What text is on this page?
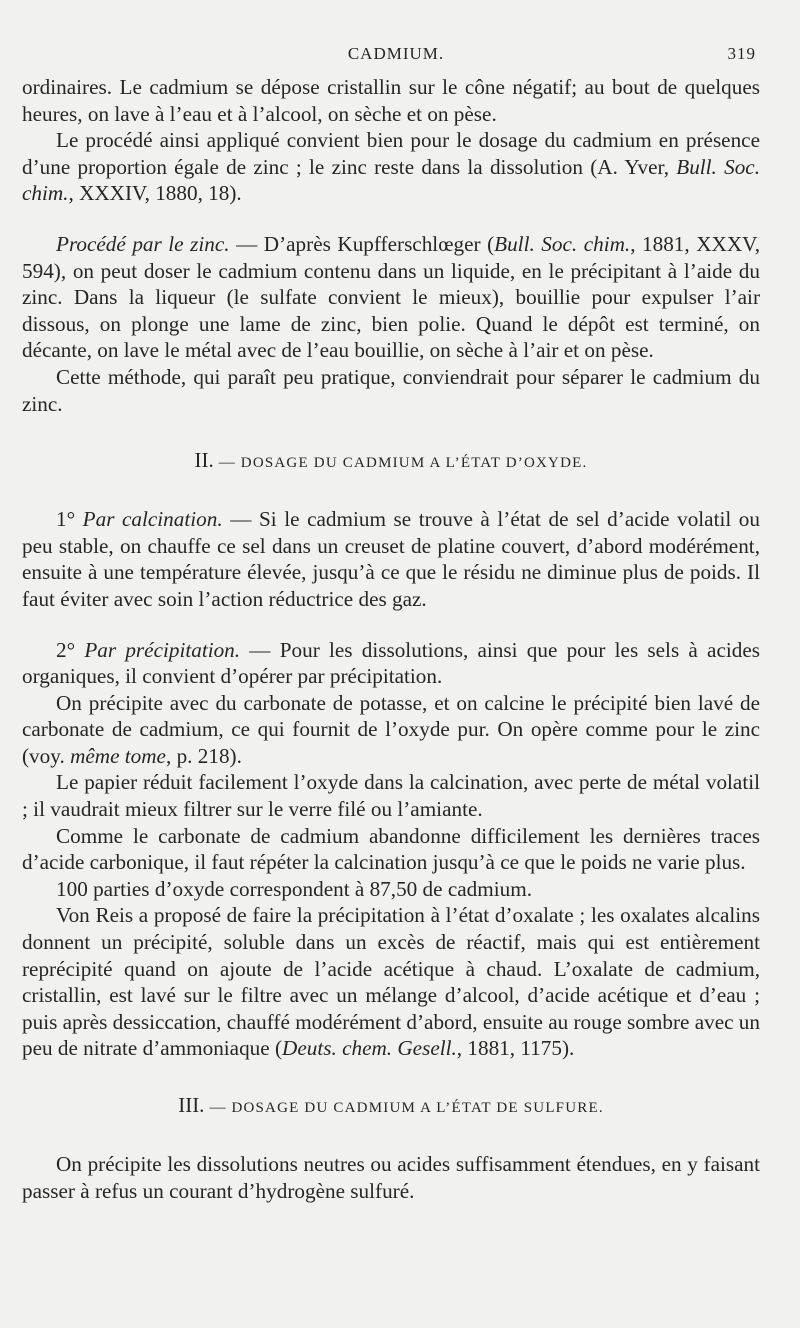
CADMIUM.	319

ordinaires. Le cadmium se dépose cristallin sur le cône négatif; au bout de quelques heures, on lave à l’eau et à l’alcool, on sèche et on pèse.

Le procédé ainsi appliqué convient bien pour le dosage du cadmium en présence d’une proportion égale de zinc ; le zinc reste dans la dissolution (A. Yver, Bull. Soc. chim., XXXIV, 1880, 18).

Procédé par le zinc. — D’après Kupfferschlœger (Bull. Soc. chim., 1881, XXXV, 594), on peut doser le cadmium contenu dans un liquide, en le précipitant à l’aide du zinc. Dans la liqueur (le sulfate convient le mieux), bouillie pour expulser l’air dissous, on plonge une lame de zinc, bien polie. Quand le dépôt est terminé, on décante, on lave le métal avec de l’eau bouillie, on sèche à l’air et on pèse.

Cette méthode, qui paraît peu pratique, conviendrait pour séparer le cadmium du zinc.

II. — DOSAGE DU CADMIUM A L’ÉTAT D’OXYDE.

1° Par calcination. — Si le cadmium se trouve à l’état de sel d’acide volatil ou peu stable, on chauffe ce sel dans un creuset de platine couvert, d’abord modérément, ensuite à une température élevée, jusqu’à ce que le résidu ne diminue plus de poids. Il faut éviter avec soin l’action réductrice des gaz.

2° Par précipitation. — Pour les dissolutions, ainsi que pour les sels à acides organiques, il convient d’opérer par précipitation.

On précipite avec du carbonate de potasse, et on calcine le précipité bien lavé de carbonate de cadmium, ce qui fournit de l’oxyde pur. On opère comme pour le zinc (voy. même tome, p. 218).

Le papier réduit facilement l’oxyde dans la calcination, avec perte de métal volatil ; il vaudrait mieux filtrer sur le verre filé ou l’amiante.

Comme le carbonate de cadmium abandonne difficilement les dernières traces d’acide carbonique, il faut répéter la calcination jusqu’à ce que le poids ne varie plus.

100 parties d’oxyde correspondent à 87,50 de cadmium.

Von Reis a proposé de faire la précipitation à l’état d’oxalate ; les oxalates alcalins donnent un précipité, soluble dans un excès de réactif, mais qui est entièrement reprécipité quand on ajoute de l’acide acétique à chaud. L’oxalate de cadmium, cristallin, est lavé sur le filtre avec un mélange d’alcool, d’acide acétique et d’eau ; puis après dessiccation, chauffé modérément d’abord, ensuite au rouge sombre avec un peu de nitrate d’ammoniaque (Deuts. chem. Gesell., 1881, 1175).

III. — DOSAGE DU CADMIUM A L’ÉTAT DE SULFURE.

On précipite les dissolutions neutres ou acides suffisamment étendues, en y faisant passer à refus un courant d’hydrogène sulfuré.
